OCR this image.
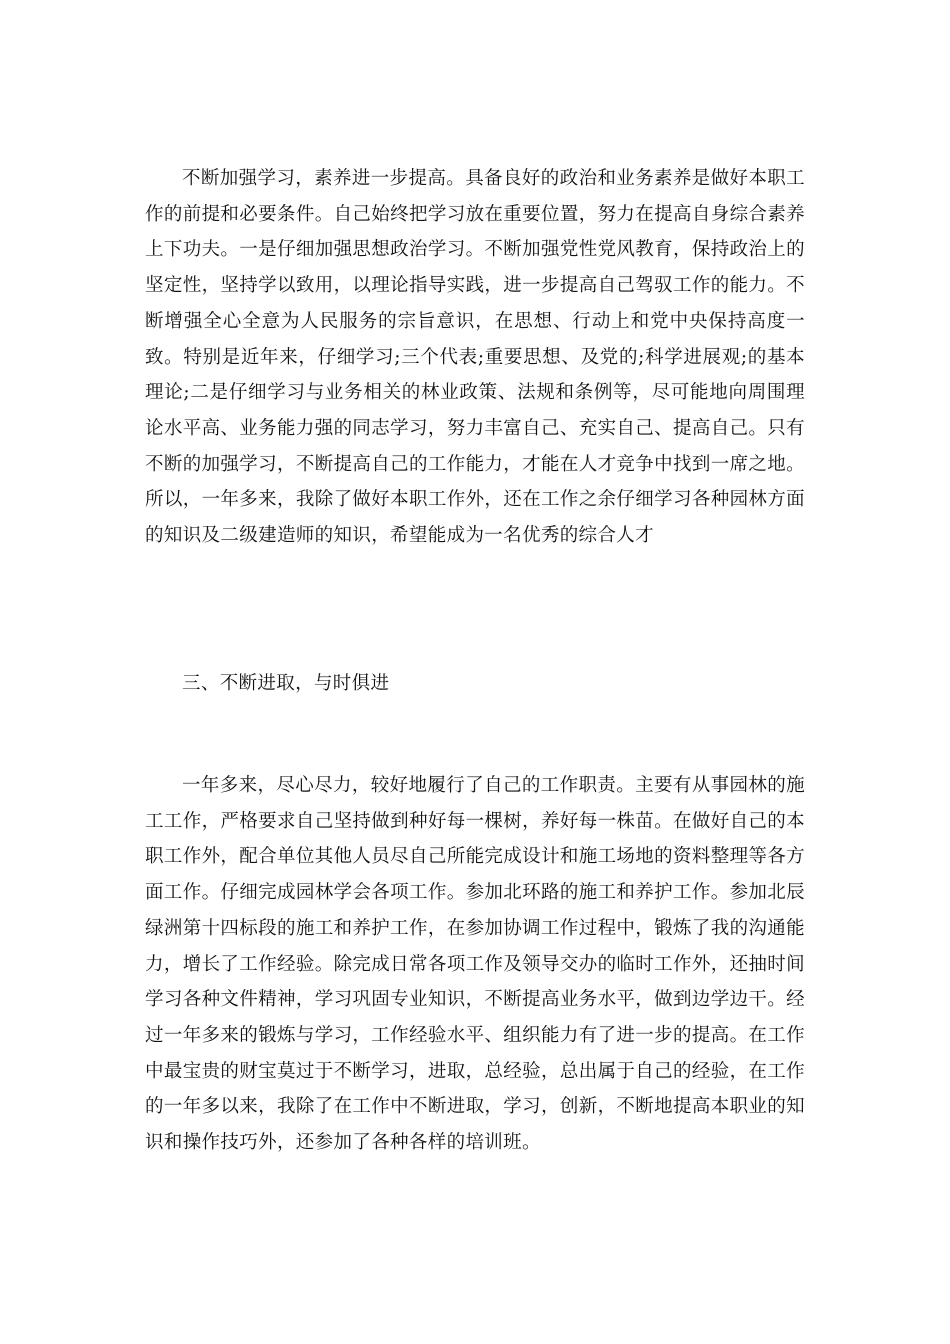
不断加强学习，素养进一步提高。具备良好的政治和业务素养是做好本职工作的前提和必要条件。自己始终把学习放在重要位置，努力在提高自身综合素养上下功夫。一是仔细加强思想政治学习。不断加强党性党风教育，保持政治上的坚定性，坚持学以致用，以理论指导实践，进一步提高自己驾驭工作的能力。不断增强全心全意为人民服务的宗旨意识，在思想、行动上和党中央保持高度一致。特别是近年来，仔细学习;三个代表;重要思想、及党的;科学进展观;的基本理论;二是仔细学习与业务相关的林业政策、法规和条例等，尽可能地向周围理论水平高、业务能力强的同志学习，努力丰富自己、充实自己、提高自己。只有不断的加强学习，不断提高自己的工作能力，才能在人才竞争中找到一席之地。所以，一年多来，我除了做好本职工作外，还在工作之余仔细学习各种园林方面的知识及二级建造师的知识，希望能成为一名优秀的综合人才

三、不断进取，与时俱进

一年多来，尽心尽力，较好地履行了自己的工作职责。主要有从事园林的施工工作，严格要求自己坚持做到种好每一棵树，养好每一株苗。在做好自己的本职工作外，配合单位其他人员尽自己所能完成设计和施工场地的资料整理等各方面工作。仔细完成园林学会各项工作。参加北环路的施工和养护工作。参加北辰绿洲第十四标段的施工和养护工作，在参加协调工作过程中，锻炼了我的沟通能力，增长了工作经验。除完成日常各项工作及领导交办的临时工作外，还抽时间学习各种文件精神，学习巩固专业知识，不断提高业务水平，做到边学边干。经过一年多来的锻炼与学习，工作经验水平、组织能力有了进一步的提高。在工作中最宝贵的财宝莫过于不断学习，进取，总经验，总出属于自己的经验，在工作的一年多以来，我除了在工作中不断进取，学习，创新，不断地提高本职业的知识和操作技巧外，还参加了各种各样的培训班。
